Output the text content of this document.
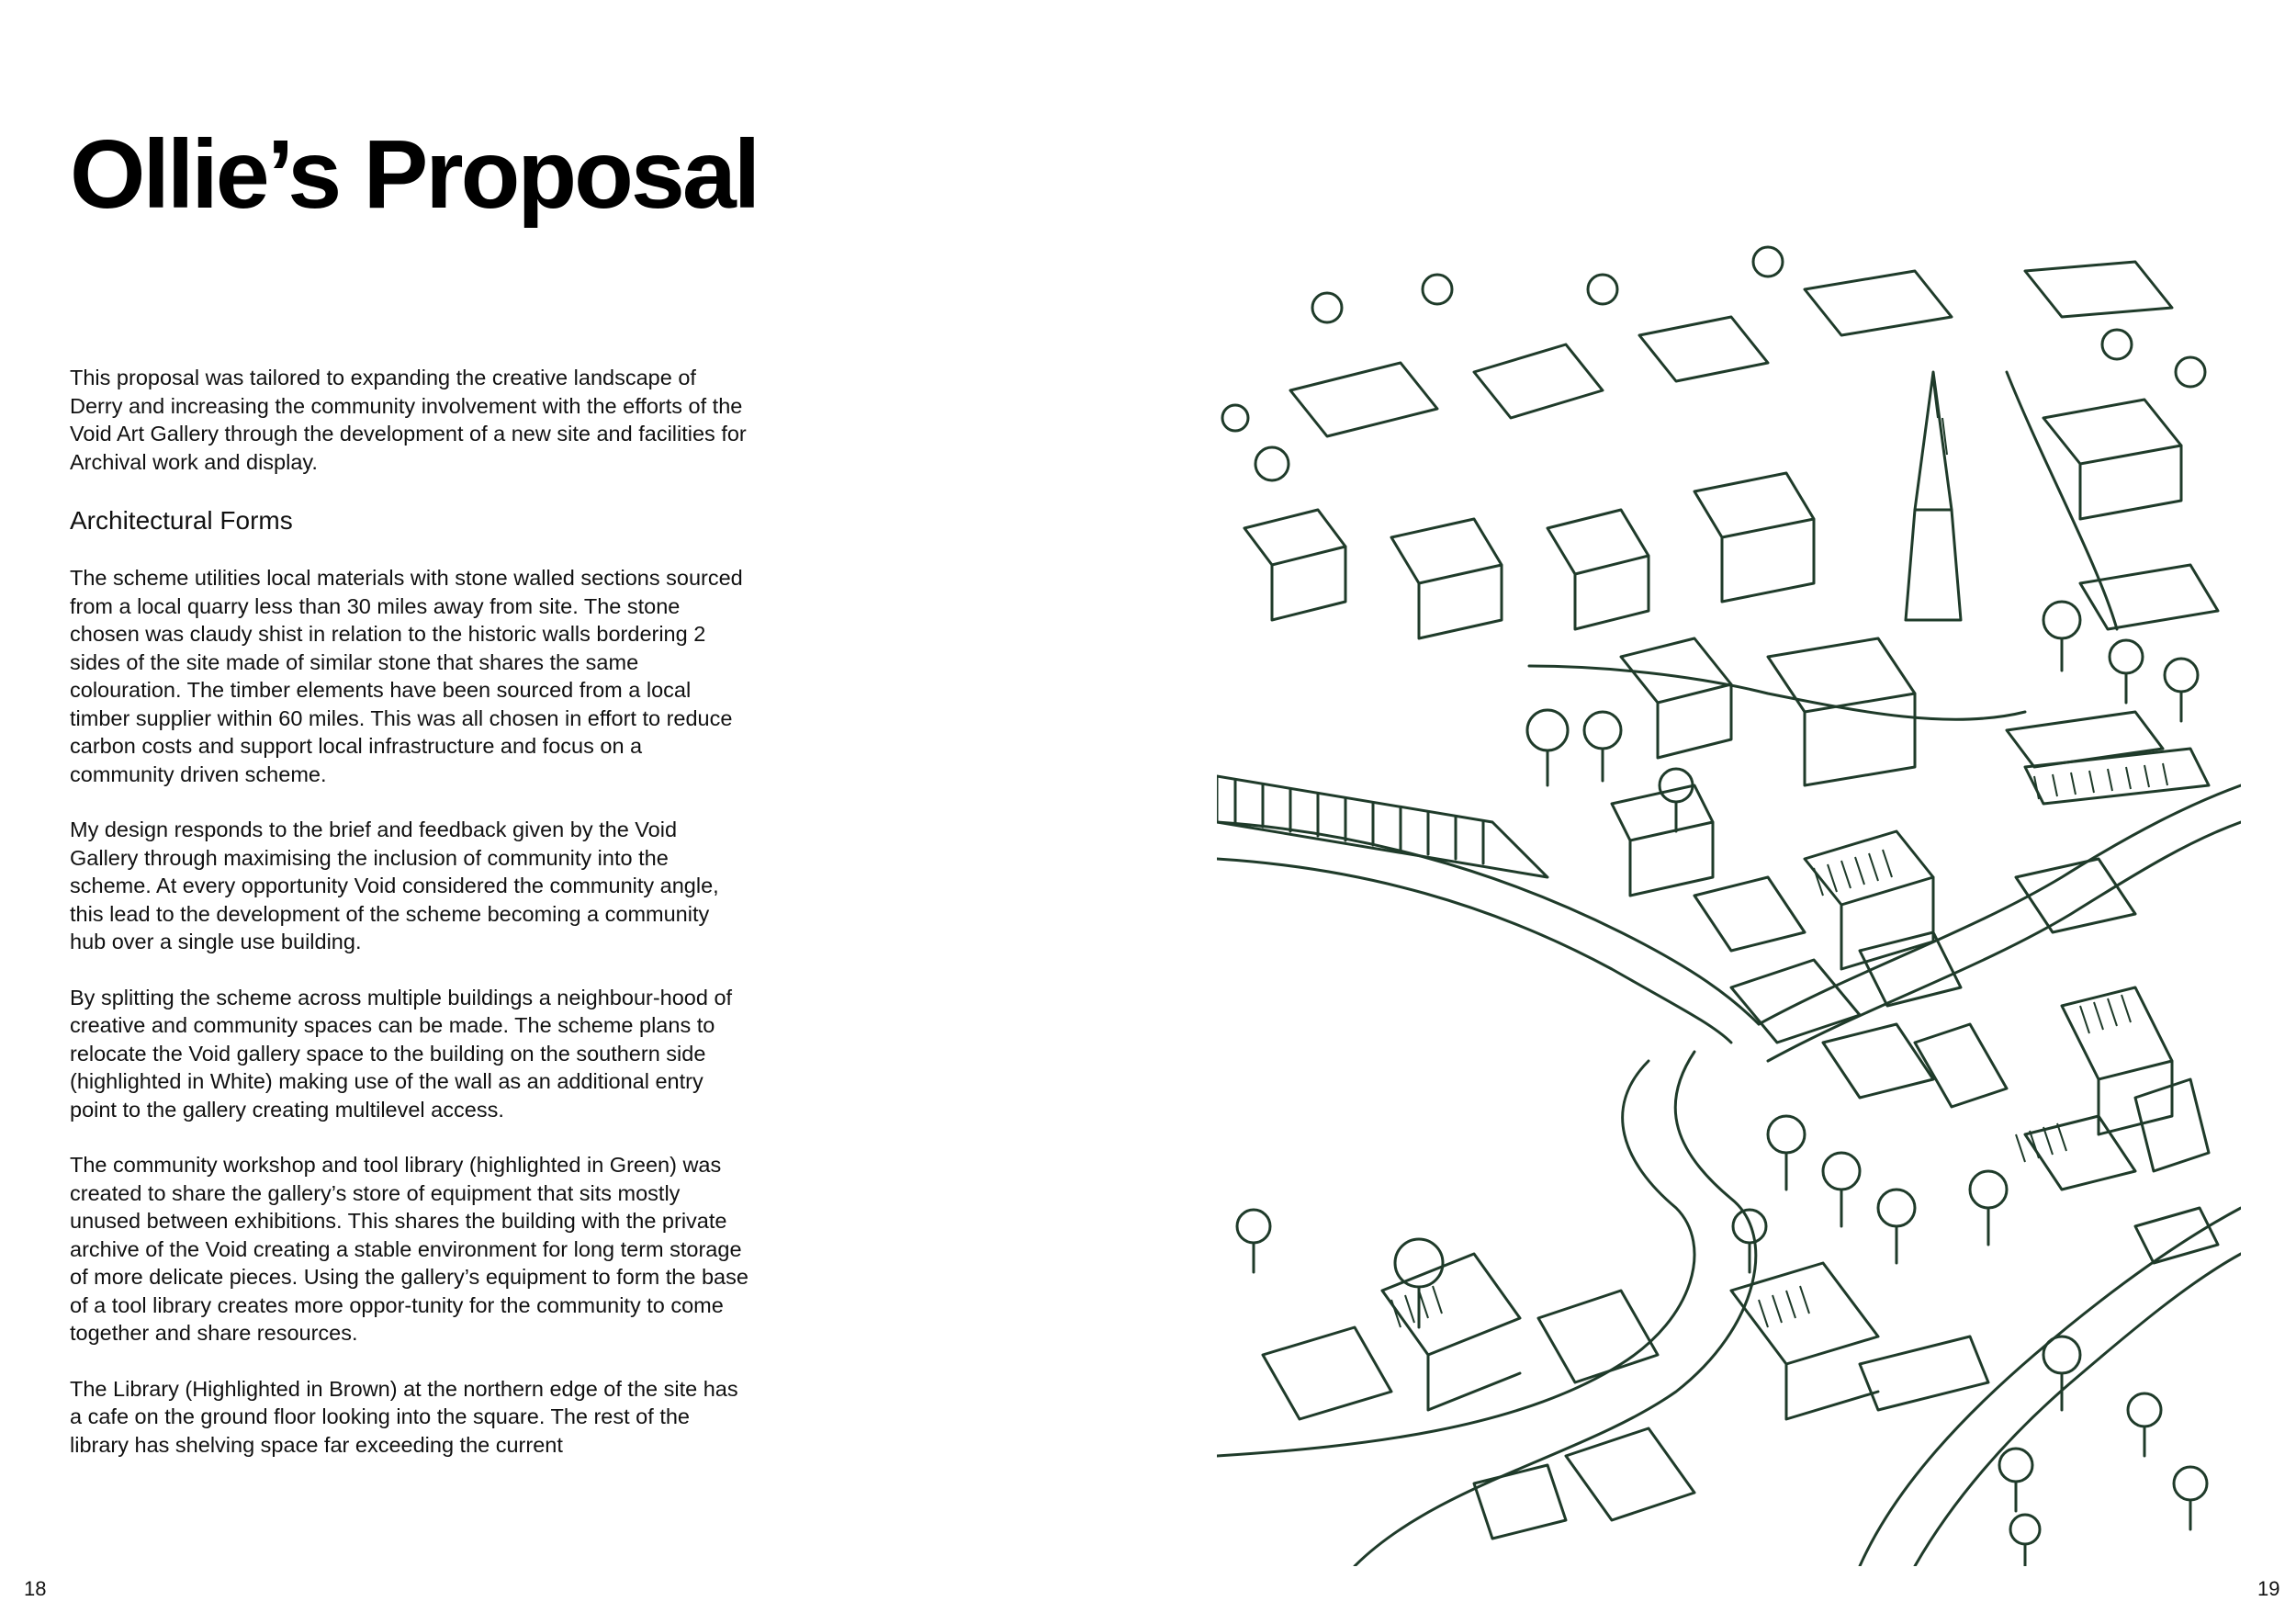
Ollie’s Proposal

This proposal was tailored to expanding the creative landscape of Derry and increasing the community involvement with the efforts of the Void Art Gallery through the development of a new site and facilities for Archival work and display.

Architectural Forms

The scheme utilities local materials with stone walled sections sourced from a local quarry less than 30 miles away from site. The stone chosen was claudy shist in relation to the historic walls bordering 2 sides of the site made of similar stone that shares the same colouration. The timber elements have been sourced from a local timber supplier within 60 miles. This was all chosen in effort to reduce carbon costs and support local infrastructure and focus on a community driven scheme.

My design responds to the brief and feedback given by the Void Gallery through maximising the inclusion of community into the scheme. At every opportunity Void considered the community angle, this lead to the development of the scheme becoming a community hub over a single use building.

By splitting the scheme across multiple buildings a neighbour-hood of creative and community spaces can be made. The scheme plans to relocate the Void gallery space to the building on the southern side (highlighted in White) making use of the wall as an additional entry point to the gallery creating multilevel access.

The community workshop and tool library (highlighted in Green) was created to share the gallery’s store of equipment that sits mostly unused between exhibitions. This shares the building with the private archive of the Void creating a stable environment for long term storage of more delicate pieces. Using the gallery’s equipment to form the base of a tool library creates more oppor-tunity for the community to come together and share resources.

The Library (Highlighted in Brown) at the northern edge of the site has a cafe on the ground floor looking into the square. The rest of the library has shelving space far exceeding the current

18	19
